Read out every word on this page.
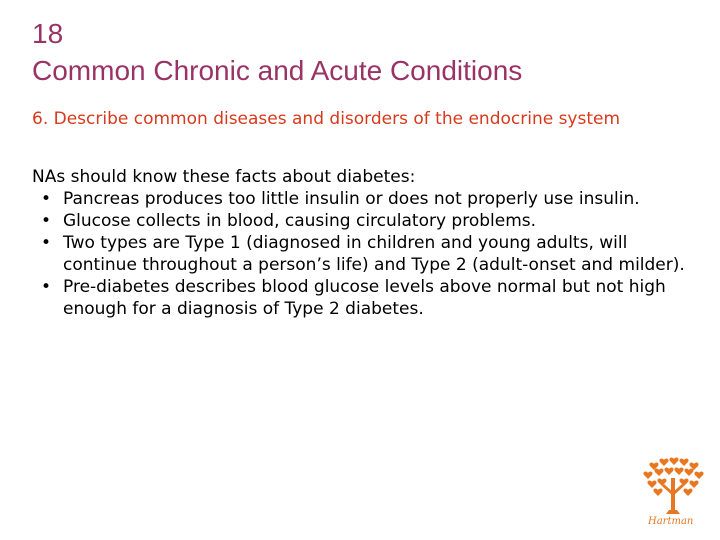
18
Common Chronic and Acute Conditions
6. Describe common diseases and disorders of the endocrine system

NAs should know these facts about diabetes:

• Pancreas produces too little insulin or does not properly use insulin.
• Glucose collects in blood, causing circulatory problems.
• Two types are Type 1 (diagnosed in children and young adults, will continue throughout a person’s life) and Type 2 (adult-onset and milder).
• Pre-diabetes describes blood glucose levels above normal but not high enough for a diagnosis of Type 2 diabetes.
Hartman
